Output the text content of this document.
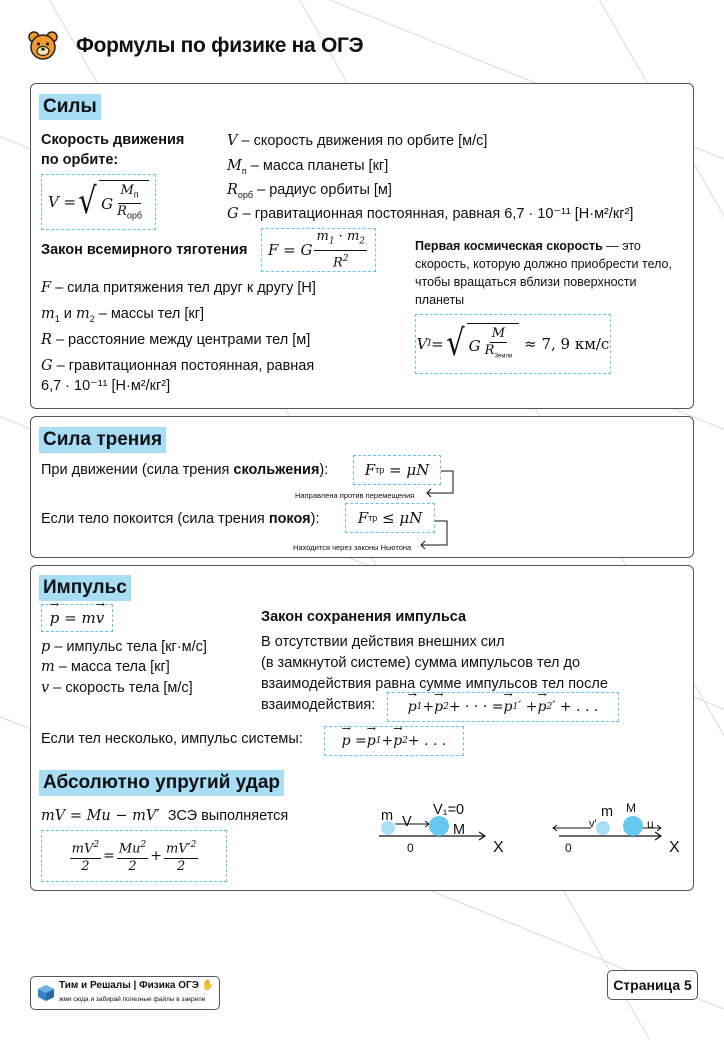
Формулы по физике на ОГЭ
Силы
Скорость движения
по орбите:
V = √ G $\frac{M_п}{R_{орб}}$
V – скорость движения по орбите [м/с]
$M_п$ – масса планеты [кг]
$R_{орб}$ – радиус орбиты [м]
G – гравитационная постоянная, равная 6,7 · 10⁻¹¹ [Н·м²/кг²]
Закон всемирного тяготения	F = G $\frac{m_1 \cdot m_2}{R^2}$
F – сила притяжения тел друг к другу [Н]
$m_1$ и $m_2$ – массы тел [кг]
R – расстояние между центрами тел [м]
G – гравитационная постоянная, равная
6,7 · 10⁻¹¹ [Н·м²/кг²]
Первая космическая скорость — это скорость, которую должно приобрести тело, чтобы вращаться вблизи поверхности планеты
V I = √ G $\frac{M}{R_{Земли}} \approx 7$, 9 км/с
Сила трения
При движении (сила трения скольжения):	F тр = μN
Направлена против перемещения
Если тело покоится (сила трения покоя):	F тр ≤ μN
Находится через законы Ньютона
Импульс
→ p = m → v
p – импульс тела [кг·м/с]
m – масса тела [кг]
v – скорость тела [м/с]
Закон сохранения импульса
В отсутствии действия внешних сил
(в замкнутой системе) сумма импульсов тел до
взаимодействия равна сумме импульсов тел после
взаимодействия:	→ p 1 + → p 2 + · · · = → p 1 ′ + → p 2 ′ + . . .
Если тел несколько, импульс системы:	→ p = → p 1 + → p 2 + . . .
Абсолютно упругий удар
mV = Mu − mV′ ЗСЭ выполняется
$\frac{mV^2}{2} = \frac{Mu^2}{2} + \frac{mV'^2}{2}$
m V
V₁=0
M
0	X
m M
v'	u
0	X
Тим и Решалы | Физика ОГЭ ✋
жми сюда и забирай полезные файлы в закрепе
Страница 5
